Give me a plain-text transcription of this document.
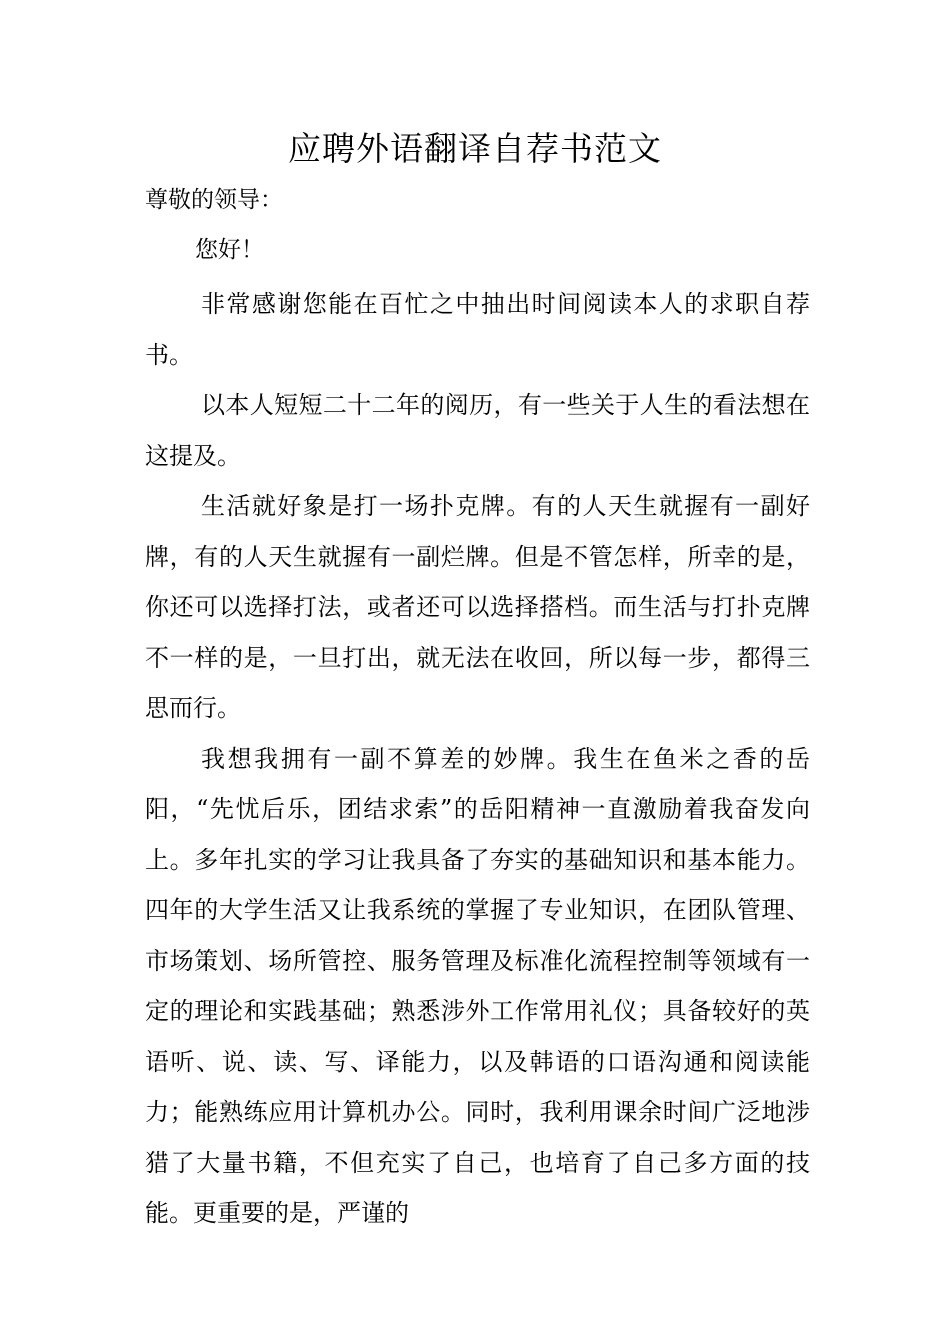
应聘外语翻译自荐书范文

尊敬的领导：

您好！

非常感谢您能在百忙之中抽出时间阅读本人的求职自荐书。

以本人短短二十二年的阅历，有一些关于人生的看法想在这提及。

生活就好象是打一场扑克牌。有的人天生就握有一副好牌，有的人天生就握有一副烂牌。但是不管怎样，所幸的是，你还可以选择打法，或者还可以选择搭档。而生活与打扑克牌不一样的是，一旦打出，就无法在收回，所以每一步，都得三思而行。

我想我拥有一副不算差的妙牌。我生在鱼米之香的岳阳，“先忧后乐，团结求索”的岳阳精神一直激励着我奋发向上。多年扎实的学习让我具备了夯实的基础知识和基本能力。四年的大学生活又让我系统的掌握了专业知识，在团队管理、市场策划、场所管控、服务管理及标准化流程控制等领域有一定的理论和实践基础；熟悉涉外工作常用礼仪；具备较好的英语听、说、读、写、译能力，以及韩语的口语沟通和阅读能力；能熟练应用计算机办公。同时，我利用课余时间广泛地涉猎了大量书籍，不但充实了自己，也培育了自己多方面的技能。更重要的是，严谨的
